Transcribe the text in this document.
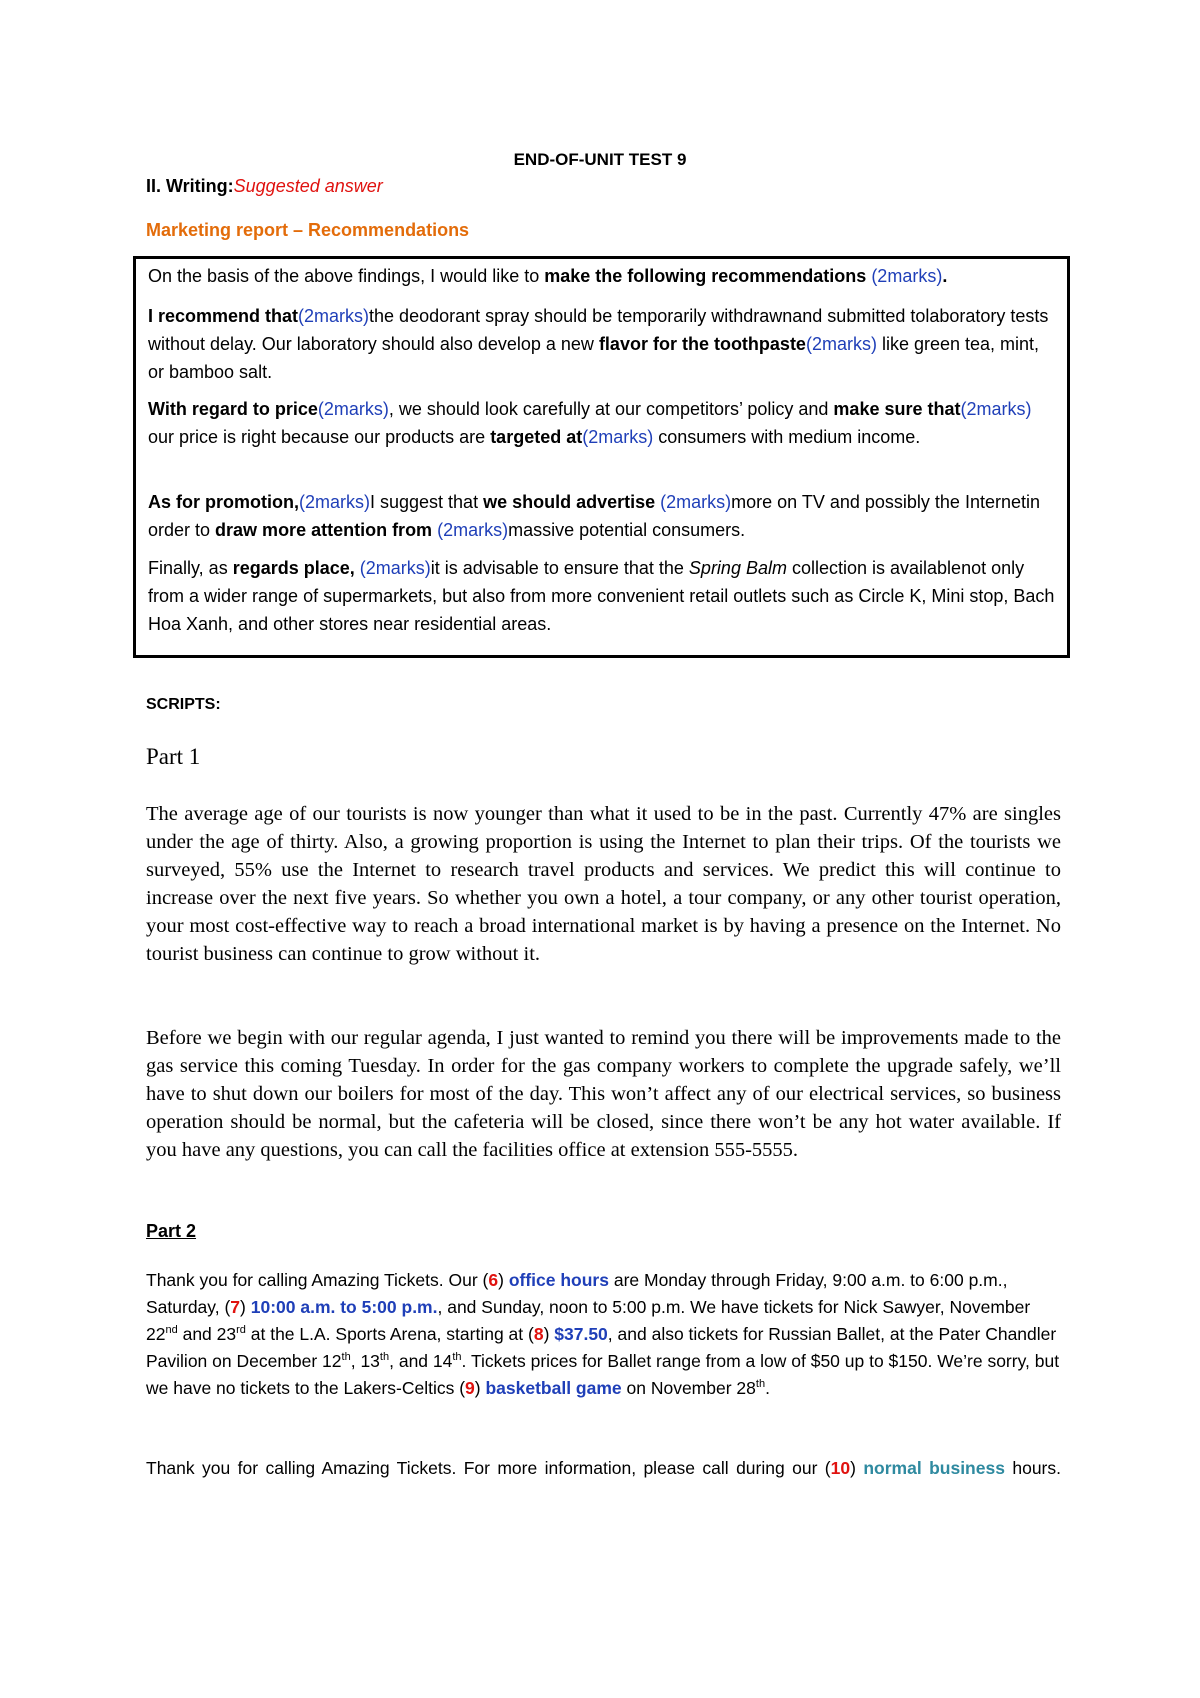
END-OF-UNIT TEST 9
II. Writing:Suggested answer
Marketing report – Recommendations

On the basis of the above findings, I would like to make the following recommendations (2marks).

I recommend that(2marks)the deodorant spray should be temporarily withdrawnand submitted tolaboratory tests without delay. Our laboratory should also develop a new flavor for the toothpaste(2marks) like green tea, mint, or bamboo salt.

With regard to price(2marks), we should look carefully at our competitors’ policy and make sure that(2marks) our price is right because our products are targeted at(2marks) consumers with medium income.

As for promotion,(2marks)I suggest that we should advertise (2marks)more on TV and possibly the Internetin order to draw more attention from (2marks)massive potential consumers.

Finally, as regards place, (2marks)it is advisable to ensure that the Spring Balm collection is availablenot only from a wider range of supermarkets, but also from more convenient retail outlets such as Circle K, Mini stop, Bach Hoa Xanh, and other stores near residential areas.

SCRIPTS:
Part 1

The average age of our tourists is now younger than what it used to be in the past. Currently 47% are singles under the age of thirty. Also, a growing proportion is using the Internet to plan their trips. Of the tourists we surveyed, 55% use the Internet to research travel products and services. We predict this will continue to increase over the next five years. So whether you own a hotel, a tour company, or any other tourist operation, your most cost-effective way to reach a broad international market is by having a presence on the Internet. No tourist business can continue to grow without it.

Before we begin with our regular agenda, I just wanted to remind you there will be improvements made to the gas service this coming Tuesday. In order for the gas company workers to complete the upgrade safely, we’ll have to shut down our boilers for most of the day. This won’t affect any of our electrical services, so business operation should be normal, but the cafeteria will be closed, since there won’t be any hot water available. If you have any questions, you can call the facilities office at extension 555-5555.

Part 2

Thank you for calling Amazing Tickets. Our (6) office hours are Monday through Friday, 9:00 a.m. to 6:00 p.m., Saturday, (7) 10:00 a.m. to 5:00 p.m., and Sunday, noon to 5:00 p.m. We have tickets for Nick Sawyer, November 22nd and 23rd at the L.A. Sports Arena, starting at (8) $37.50, and also tickets for Russian Ballet, at the Pater Chandler Pavilion on December 12th, 13th, and 14th. Tickets prices for Ballet range from a low of $50 up to $150. We’re sorry, but we have no tickets to the Lakers-Celtics (9) basketball game on November 28th.

Thank you for calling Amazing Tickets. For more information, please call during our (10) normal business hours.
